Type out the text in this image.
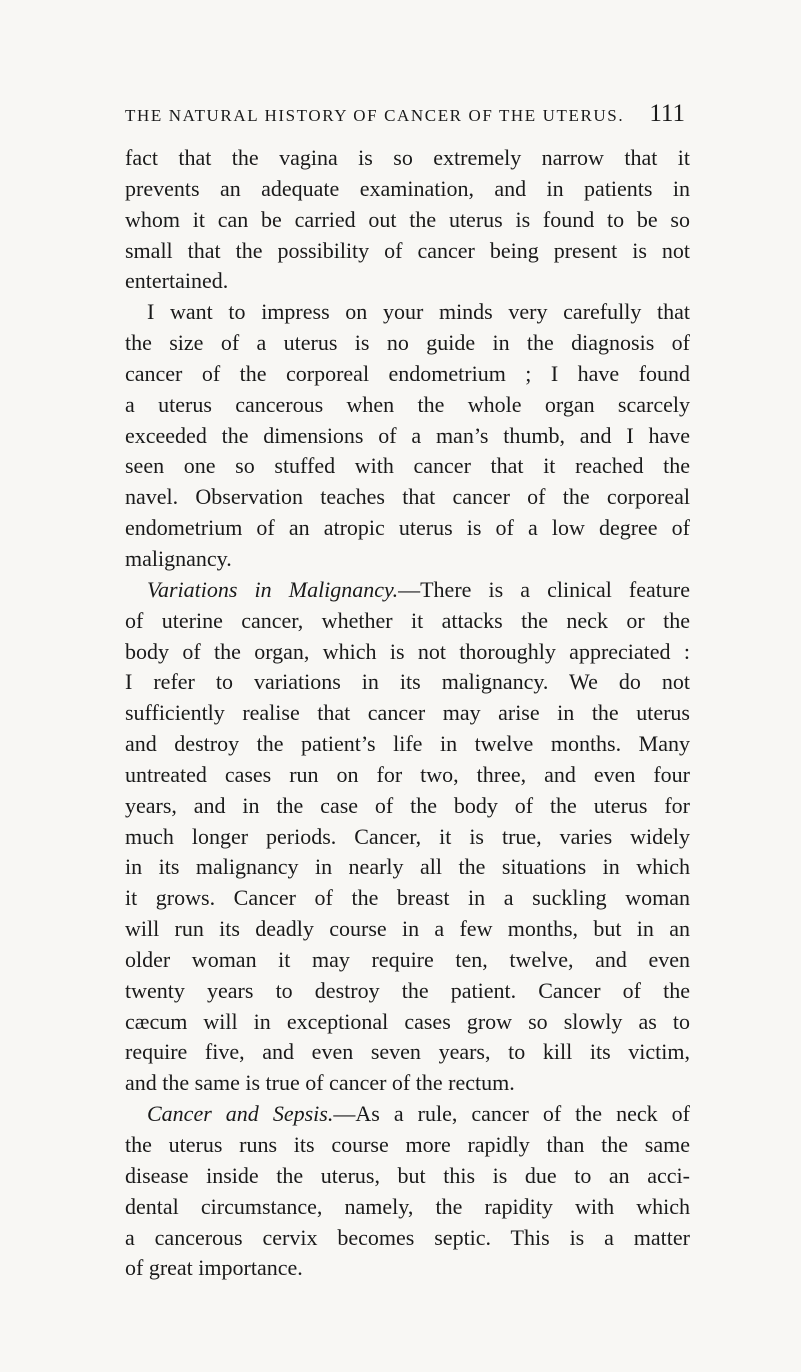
THE NATURAL HISTORY OF CANCER OF THE UTERUS. 111
fact that the vagina is so extremely narrow that it
prevents an adequate examination, and in patients in
whom it can be carried out the uterus is found to be so
small that the possibility of cancer being present is not
entertained.
I want to impress on your minds very carefully that
the size of a uterus is no guide in the diagnosis of
cancer of the corporeal endometrium ; I have found
a uterus cancerous when the whole organ scarcely
exceeded the dimensions of a man’s thumb, and I have
seen one so stuffed with cancer that it reached the
navel. Observation teaches that cancer of the corporeal
endometrium of an atropic uterus is of a low degree of
malignancy.
Variations in Malignancy.—There is a clinical feature
of uterine cancer, whether it attacks the neck or the
body of the organ, which is not thoroughly appreciated :
I refer to variations in its malignancy. We do not
sufficiently realise that cancer may arise in the uterus
and destroy the patient’s life in twelve months. Many
untreated cases run on for two, three, and even four
years, and in the case of the body of the uterus for
much longer periods. Cancer, it is true, varies widely
in its malignancy in nearly all the situations in which
it grows. Cancer of the breast in a suckling woman
will run its deadly course in a few months, but in an
older woman it may require ten, twelve, and even
twenty years to destroy the patient. Cancer of the
cæcum will in exceptional cases grow so slowly as to
require five, and even seven years, to kill its victim,
and the same is true of cancer of the rectum.
Cancer and Sepsis.—As a rule, cancer of the neck of
the uterus runs its course more rapidly than the same
disease inside the uterus, but this is due to an acci-
dental circumstance, namely, the rapidity with which
a cancerous cervix becomes septic. This is a matter
of great importance.
